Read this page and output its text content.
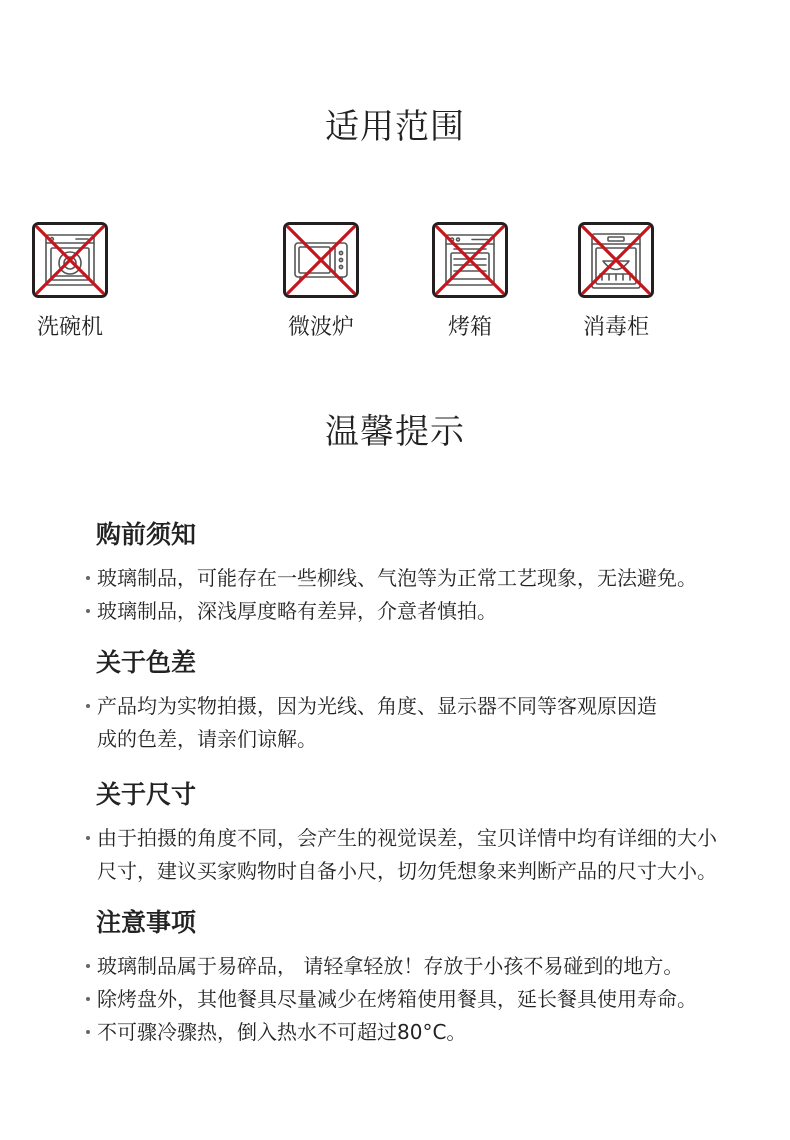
适用范围
微波炉	烤箱	消毒柜
洗碗机
温馨提示
购前须知
玻璃制品，可能存在一些柳线、气泡等为正常工艺现象，无法避免。
玻璃制品，深浅厚度略有差异，介意者慎拍。
关于色差
产品均为实物拍摄，因为光线、角度、显示器不同等客观原因造
成的色差，请亲们谅解。
关于尺寸
由于拍摄的角度不同，会产生的视觉误差，宝贝详情中均有详细的大小
尺寸，建议买家购物时自备小尺，切勿凭想象来判断产品的尺寸大小。
注意事项
玻璃制品属于易碎品， 请轻拿轻放！存放于小孩不易碰到的地方。
除烤盘外，其他餐具尽量减少在烤箱使用餐具，延长餐具使用寿命。
不可骤冷骤热，倒入热水不可超过80°C。
